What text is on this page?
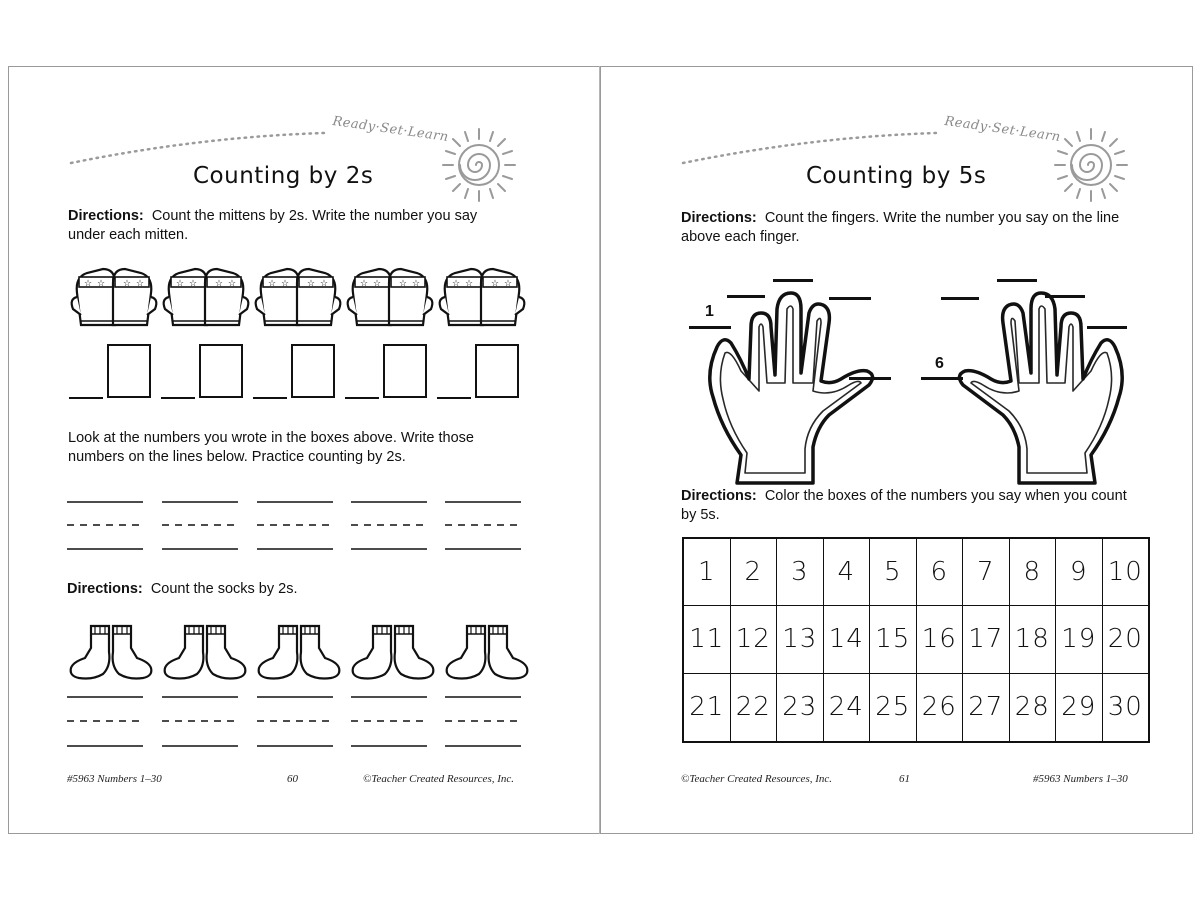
Ready·Set·Learn
Counting by 2s
Directions: Count the mittens by 2s. Write the number you say under each mitten.
Look at the numbers you wrote in the boxes above. Write those numbers on the lines below. Practice counting by 2s.
Directions: Count the socks by 2s.
#5963 Numbers 1–30	60	©Teacher Created Resources, Inc.
Ready·Set·Learn
Counting by 5s
Directions: Count the fingers. Write the number you say on the line above each finger.
1
6
Directions: Color the boxes of the numbers you say when you count by 5s.
1	2	3	4	5	6	7	8	9 10
11 12 13 14 15 16 17 18 19 20
21 22 23 24 25 26 27 28 29 30
©Teacher Created Resources, Inc.	61	#5963 Numbers 1–30
